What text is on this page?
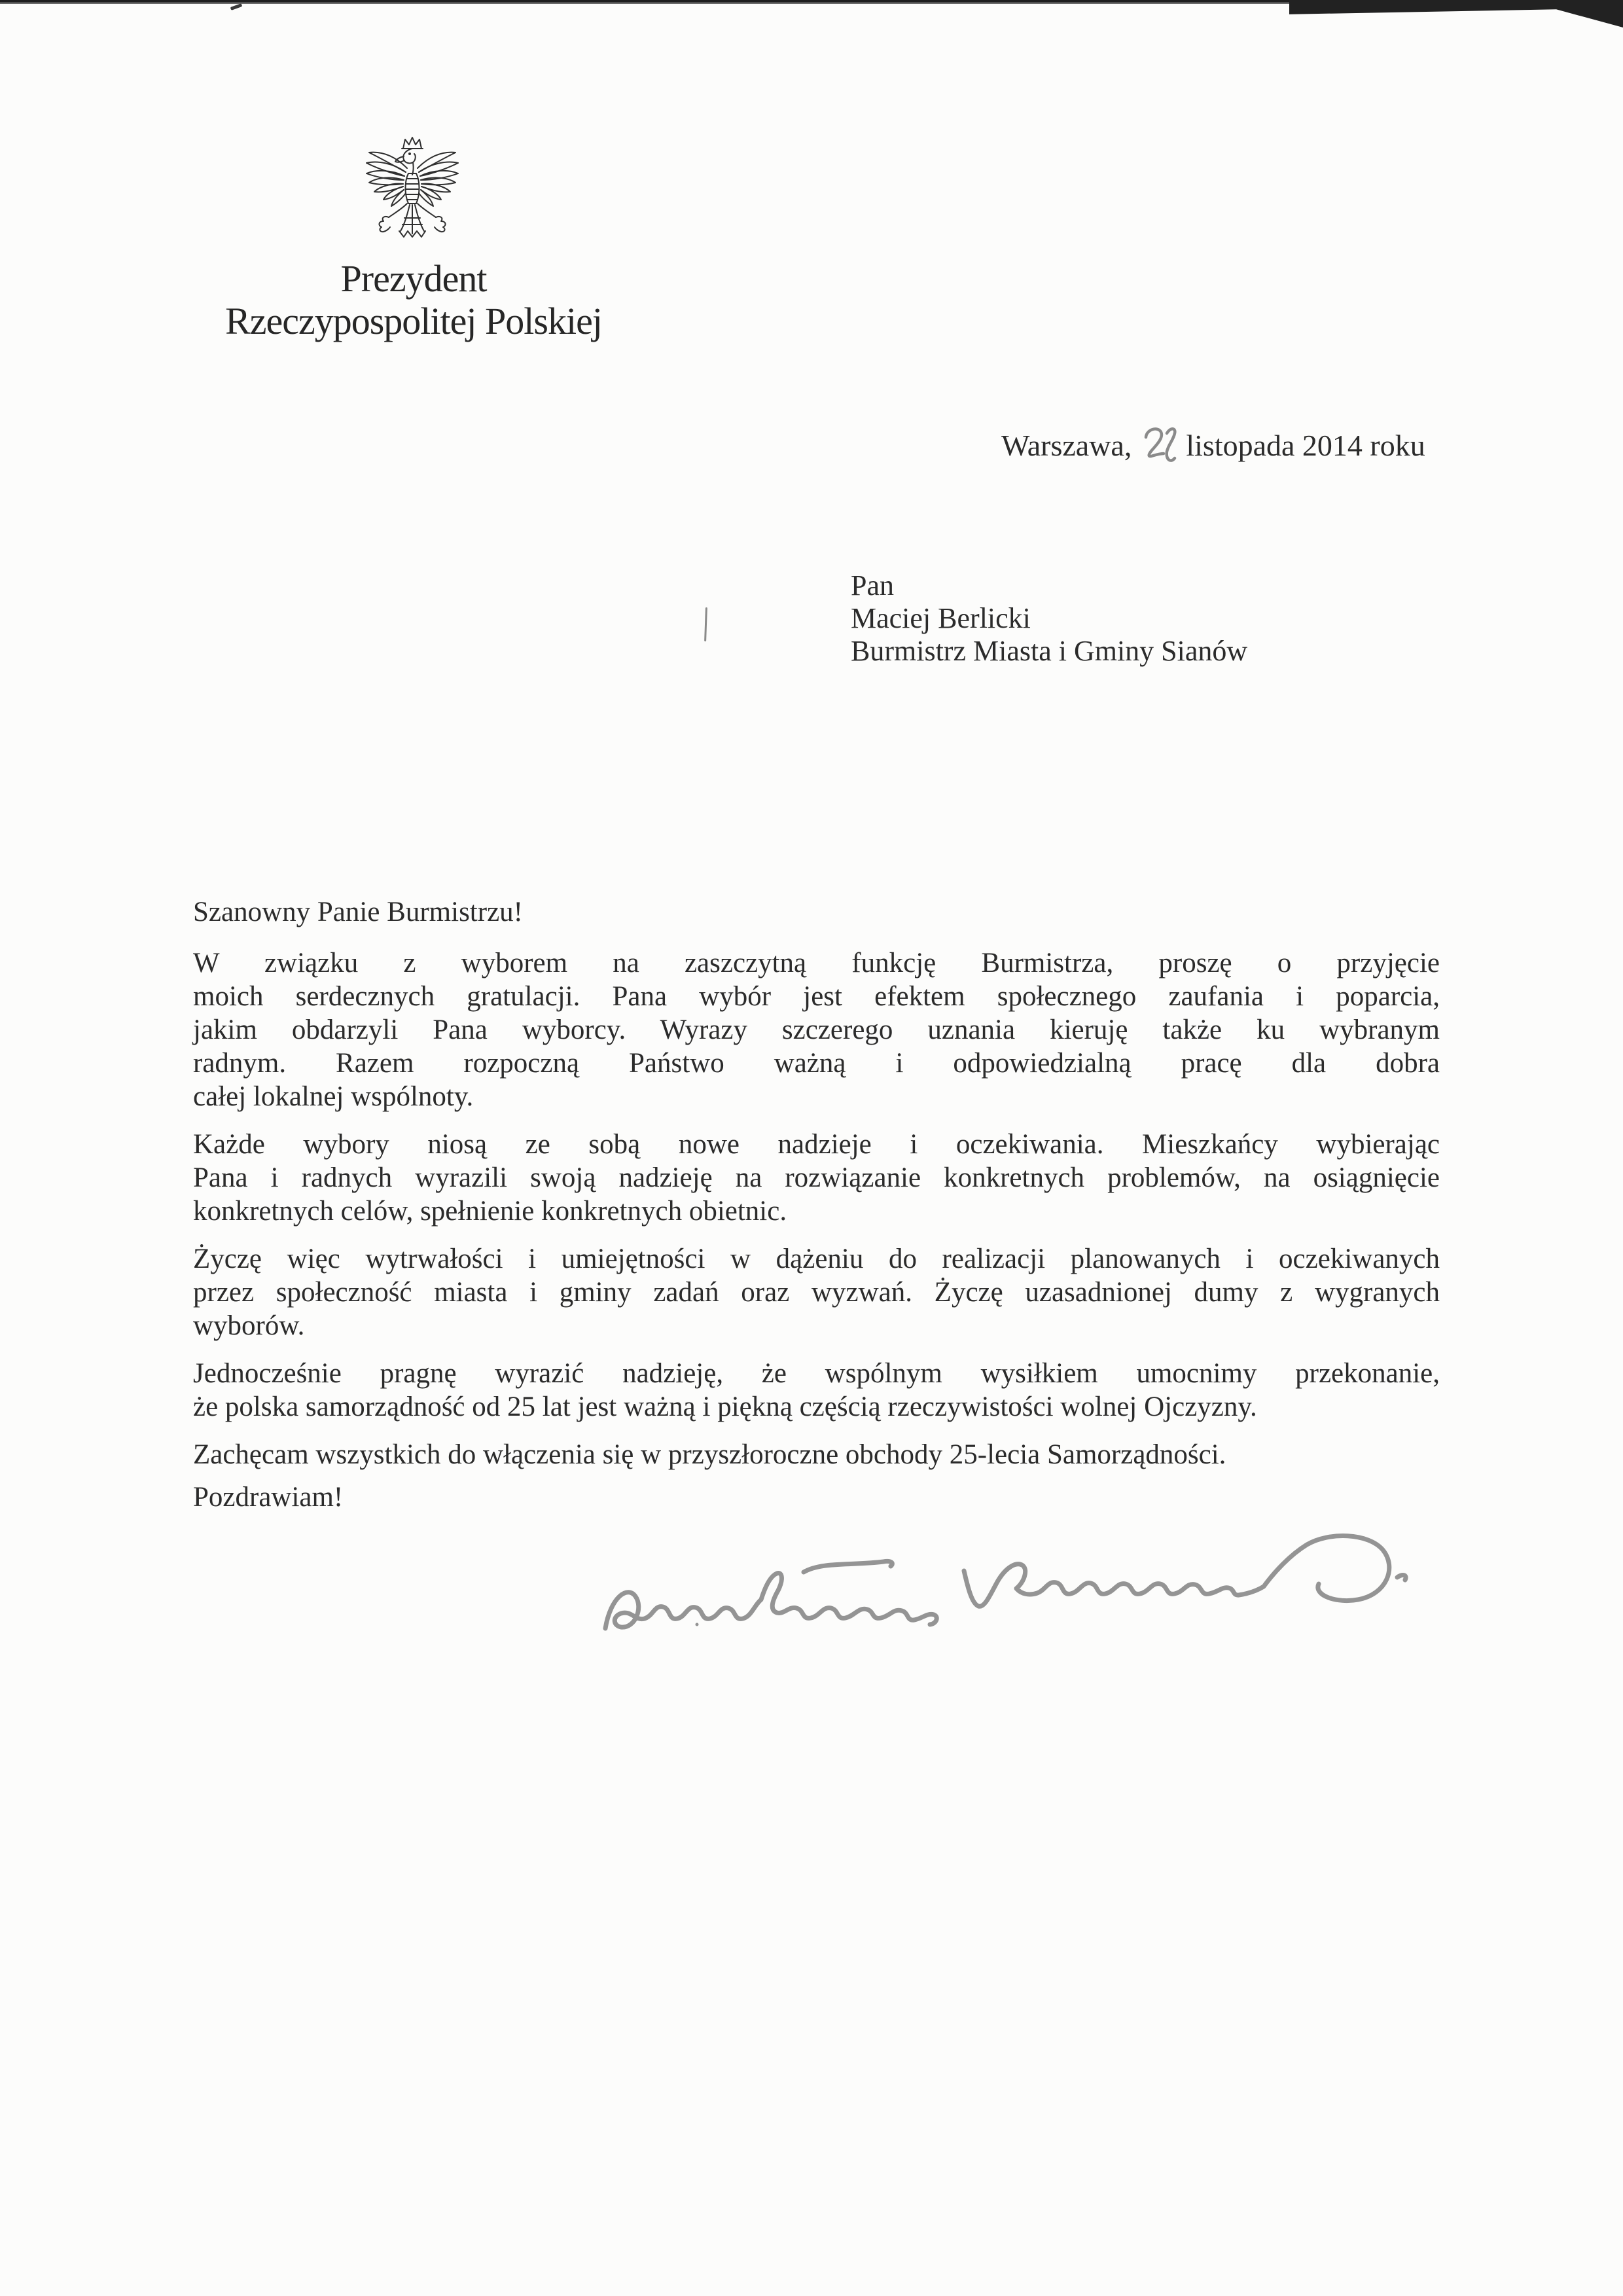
Prezydent
Rzeczypospolitej Polskiej
Warszawa, listopada 2014 roku
Pan
Maciej Berlicki
Burmistrz Miasta i Gminy Sianów
Szanowny Panie Burmistrzu!
W związku z wyborem na zaszczytną funkcję Burmistrza, proszę o przyjęcie
moich serdecznych gratulacji. Pana wybór jest efektem społecznego zaufania i poparcia,
jakim obdarzyli Pana wyborcy. Wyrazy szczerego uznania kieruję także ku wybranym
radnym. Razem rozpoczną Państwo ważną i odpowiedzialną pracę dla dobra
całej lokalnej wspólnoty.
Każde wybory niosą ze sobą nowe nadzieje i oczekiwania. Mieszkańcy wybierając
Pana i radnych wyrazili swoją nadzieję na rozwiązanie konkretnych problemów, na osiągnięcie
konkretnych celów, spełnienie konkretnych obietnic.
Życzę więc wytrwałości i umiejętności w dążeniu do realizacji planowanych i oczekiwanych
przez społeczność miasta i gminy zadań oraz wyzwań. Życzę uzasadnionej dumy z wygranych
wyborów.
Jednocześnie pragnę wyrazić nadzieję, że wspólnym wysiłkiem umocnimy przekonanie,
że polska samorządność od 25 lat jest ważną i piękną częścią rzeczywistości wolnej Ojczyzny.
Zachęcam wszystkich do włączenia się w przyszłoroczne obchody 25-lecia Samorządności.
Pozdrawiam!
